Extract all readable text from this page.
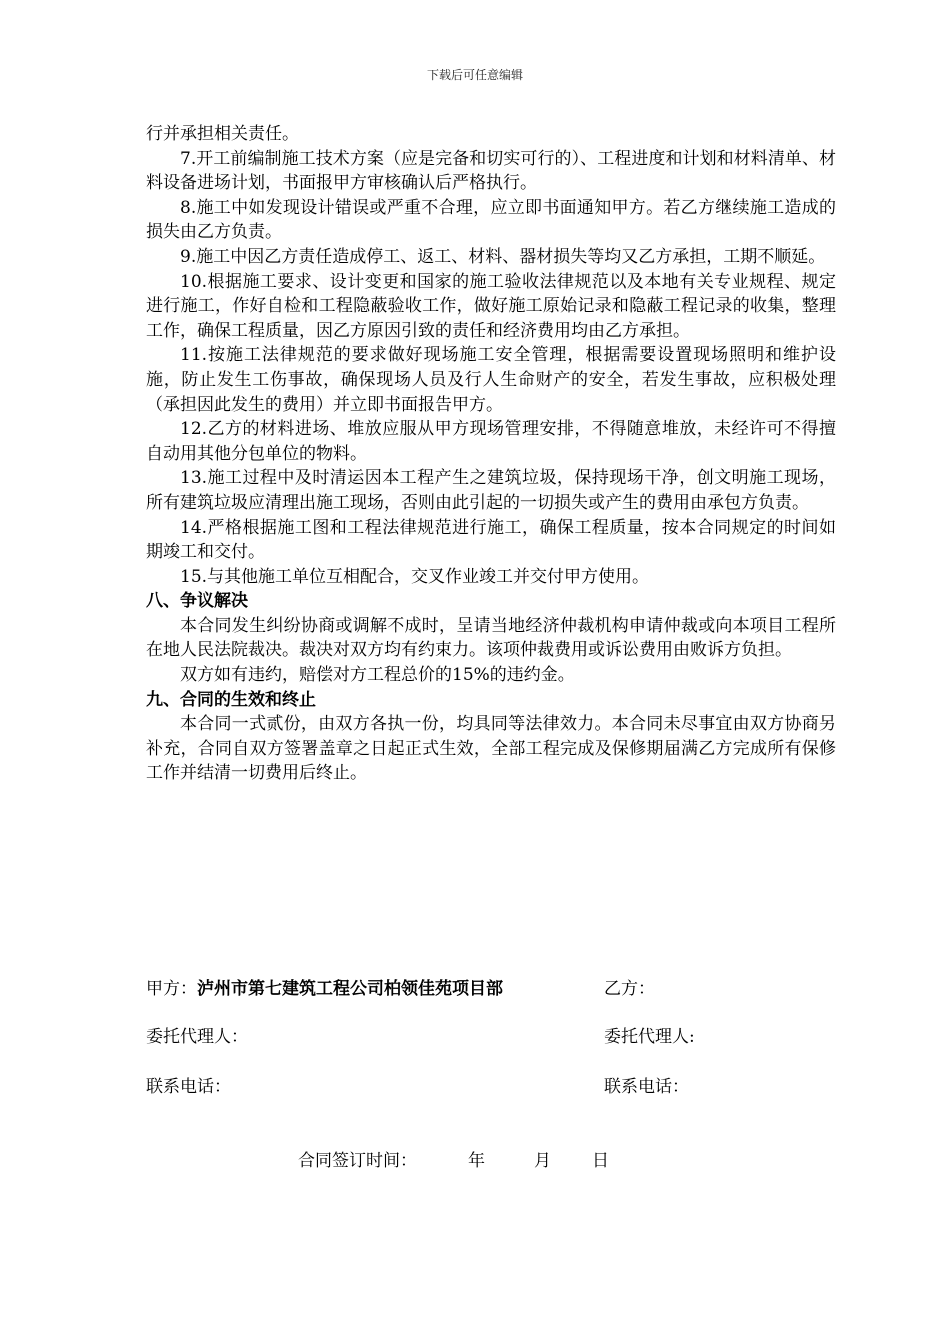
下载后可任意编辑

行并承担相关责任。

7.开工前编制施工技术方案（应是完备和切实可行的）、工程进度和计划和材料清单、材料设备进场计划，书面报甲方审核确认后严格执行。

8.施工中如发现设计错误或严重不合理，应立即书面通知甲方。若乙方继续施工造成的损失由乙方负责。

9.施工中因乙方责任造成停工、返工、材料、器材损失等均又乙方承担，工期不顺延。

10.根据施工要求、设计变更和国家的施工验收法律规范以及本地有关专业规程、规定进行施工，作好自检和工程隐蔽验收工作，做好施工原始记录和隐蔽工程记录的收集，整理工作，确保工程质量，因乙方原因引致的责任和经济费用均由乙方承担。

11.按施工法律规范的要求做好现场施工安全管理，根据需要设置现场照明和维护设施，防止发生工伤事故，确保现场人员及行人生命财产的安全，若发生事故，应积极处理（承担因此发生的费用）并立即书面报告甲方。

12.乙方的材料进场、堆放应服从甲方现场管理安排，不得随意堆放，未经许可不得擅自动用其他分包单位的物料。

13.施工过程中及时清运因本工程产生之建筑垃圾，保持现场干净，创文明施工现场，所有建筑垃圾应清理出施工现场，否则由此引起的一切损失或产生的费用由承包方负责。

14.严格根据施工图和工程法律规范进行施工，确保工程质量，按本合同规定的时间如期竣工和交付。

15.与其他施工单位互相配合，交叉作业竣工并交付甲方使用。

八、争议解决

本合同发生纠纷协商或调解不成时，呈请当地经济仲裁机构申请仲裁或向本项目工程所在地人民法院裁决。裁决对双方均有约束力。该项仲裁费用或诉讼费用由败诉方负担。

双方如有违约，赔偿对方工程总价的15%的违约金。

九、合同的生效和终止

本合同一式贰份，由双方各执一份，均具同等法律效力。本合同未尽事宜由双方协商另补充，合同自双方签署盖章之日起正式生效，全部工程完成及保修期届满乙方完成所有保修工作并结清一切费用后终止。

甲方：泸州市第七建筑工程公司柏领佳苑项目部	乙方：
委托代理人：	委托代理人:
联系电话：	联系电话：
合同签订时间：	年	月 日
